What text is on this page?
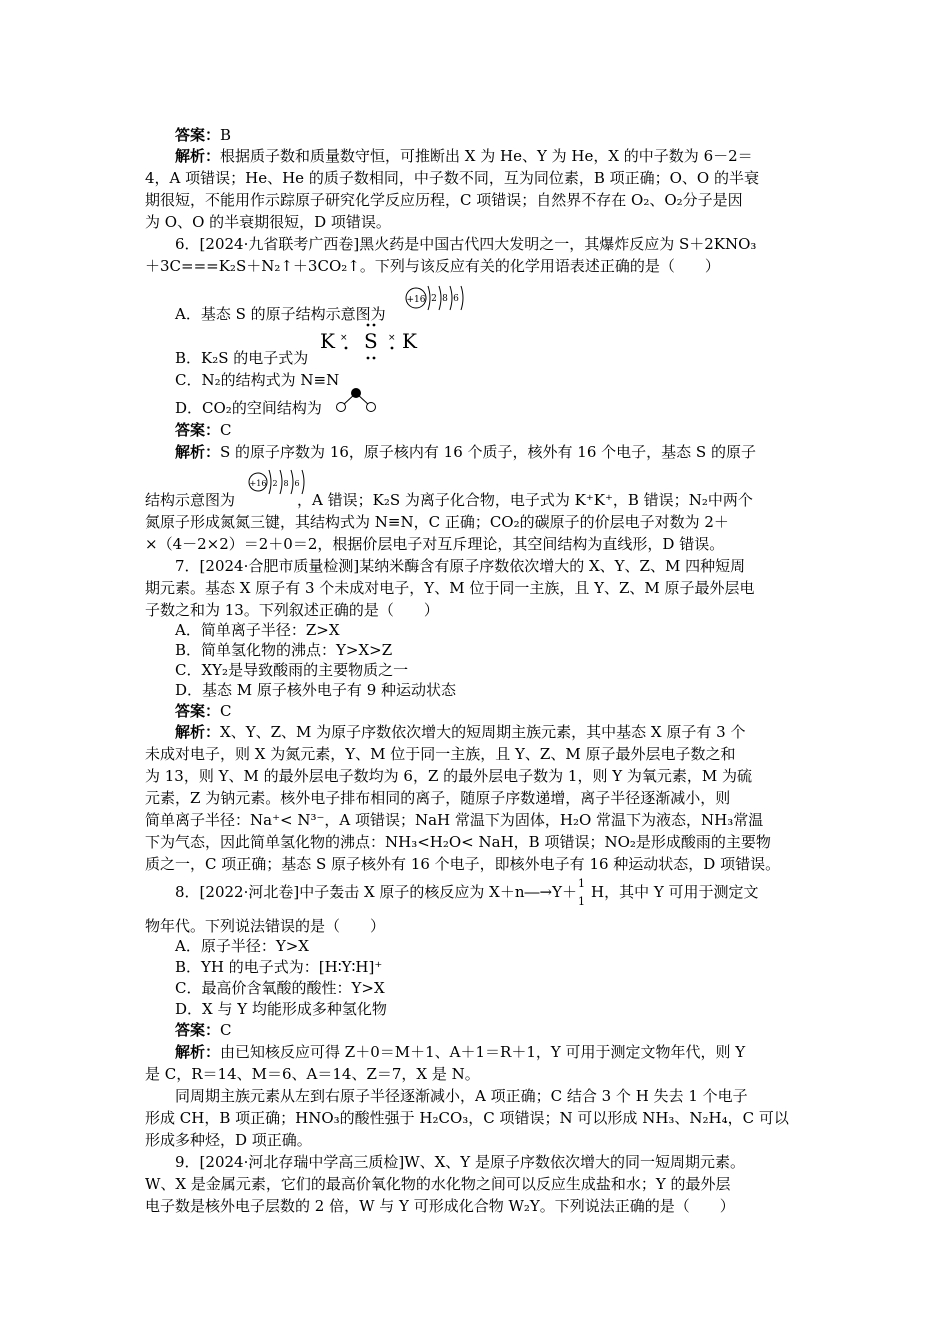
答案：B
解析：根据质子数和质量数守恒，可推断出 X 为 He、Y 为 He，X 的中子数为 6－2＝
4，A 项错误；He、He 的质子数相同，中子数不同，互为同位素，B 项正确；O、O 的半衰
期很短，不能用作示踪原子研究化学反应历程，C 项错误；自然界不存在 O₂、O₂分子是因
为 O、O 的半衰期很短，D 项错误。
6．[2024·九省联考广西卷]黑火药是中国古代四大发明之一，其爆炸反应为 S＋2KNO₃
＋3C===K₂S＋N₂↑＋3CO₂↑。下列与该反应有关的化学用语表述正确的是（　　）
A．基态 S 的原子结构示意图为
+16 2 8 6
B．K₂S 的电子式为
K × S × K
C．N₂的结构式为 N≡N
D．CO₂的空间结构为
答案：C
解析：S 的原子序数为 16，原子核内有 16 个质子，核外有 16 个电子，基态 S 的原子
结构示意图为	，A 错误；K₂S 为离子化合物，电子式为 K⁺K⁺，B 错误；N₂中两个
+16 2 8 6
氮原子形成氮氮三键，其结构式为 N≡N，C 正确；CO₂的碳原子的价层电子对数为 2＋
×（4－2×2）＝2＋0＝2，根据价层电子对互斥理论，其空间结构为直线形，D 错误。
7．[2024·合肥市质量检测]某纳米酶含有原子序数依次增大的 X、Y、Z、M 四种短周
期元素。基态 X 原子有 3 个未成对电子，Y、M 位于同一主族，且 Y、Z、M 原子最外层电
子数之和为 13。下列叙述正确的是（　　）
A．简单离子半径：Z>X
B．简单氢化物的沸点：Y>X>Z
C．XY₂是导致酸雨的主要物质之一
D．基态 M 原子核外电子有 9 种运动状态
答案：C
解析：X、Y、Z、M 为原子序数依次增大的短周期主族元素，其中基态 X 原子有 3 个
未成对电子，则 X 为氮元素，Y、M 位于同一主族，且 Y、Z、M 原子最外层电子数之和
为 13，则 Y、M 的最外层电子数均为 6，Z 的最外层电子数为 1，则 Y 为氧元素，M 为硫
元素，Z 为钠元素。核外电子排布相同的离子，随原子序数递增，离子半径逐渐减小，则
简单离子半径：Na⁺< N³⁻，A 项错误；NaH 常温下为固体，H₂O 常温下为液态，NH₃常温
下为气态，因此简单氢化物的沸点：NH₃<H₂O< NaH，B 项错误；NO₂是形成酸雨的主要物
质之一，C 项正确；基态 S 原子核外有 16 个电子，即核外电子有 16 种运动状态，D 项错误。
8．[2022·河北卷]中子轰击 X 原子的核反应为 X＋n―→Y＋ 1
1
H，其中 Y 可用于测定文
物年代。下列说法错误的是（　　）
A．原子半径：Y>X
B．YH 的电子式为：[H∶Y∶H]⁺
C．最高价含氧酸的酸性：Y>X
D．X 与 Y 均能形成多种氢化物
答案：C
解析：由已知核反应可得 Z＋0＝M＋1、A＋1＝R＋1，Y 可用于测定文物年代，则 Y
是 C，R＝14、M＝6、A＝14、Z＝7，X 是 N。
同周期主族元素从左到右原子半径逐渐减小，A 项正确；C 结合 3 个 H 失去 1 个电子
形成 CH，B 项正确；HNO₃的酸性强于 H₂CO₃，C 项错误；N 可以形成 NH₃、N₂H₄，C 可以
形成多种烃，D 项正确。
9．[2024·河北存瑞中学高三质检]W、X、Y 是原子序数依次增大的同一短周期元素。
W、X 是金属元素，它们的最高价氧化物的水化物之间可以反应生成盐和水；Y 的最外层
电子数是核外电子层数的 2 倍，W 与 Y 可形成化合物 W₂Y。下列说法正确的是（　　）
